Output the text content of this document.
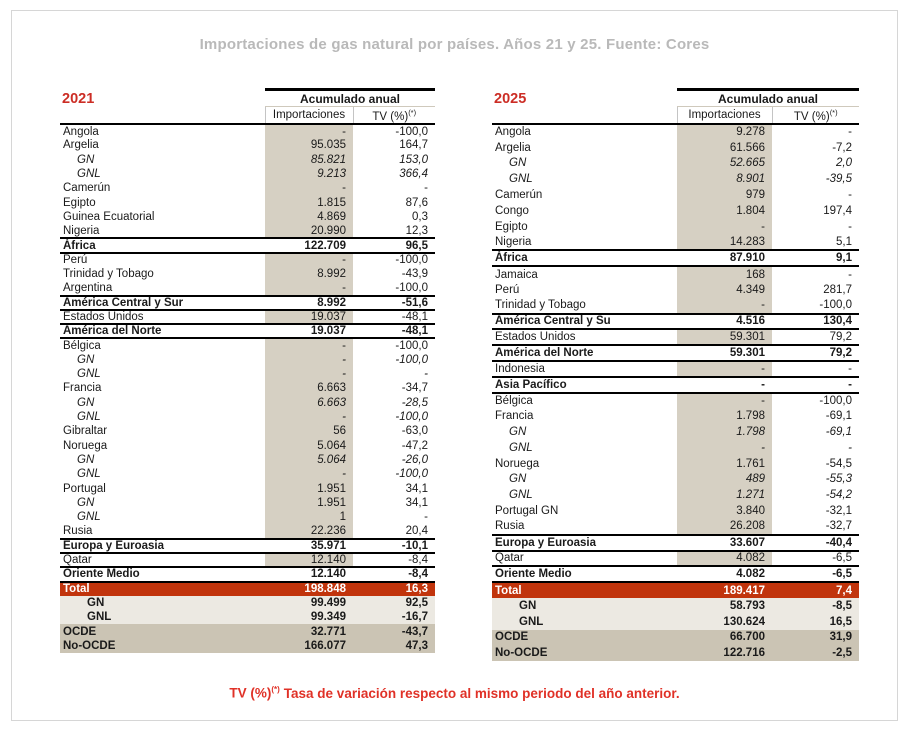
Importaciones de gas natural por países. Años 21 y 25. Fuente: Cores
2021	Acumulado anual	
	Importaciones	TV (%)(*)
Angola	-	-100,0
Argelia	95.035	164,7
GN	85.821	153,0
GNL	9.213	366,4
Camerún	-	-
Egipto	1.815	87,6
Guinea Ecuatorial	4.869	0,3
Nigeria	20.990	12,3
África	122.709	96,5
Perú	-	-100,0
Trinidad y Tobago	8.992	-43,9
Argentina	-	-100,0
América Central y Sur	8.992	-51,6
Estados Unidos	19.037	-48,1
América del Norte	19.037	-48,1
Bélgica	-	-100,0
GN	-	-100,0
GNL	-	-
Francia	6.663	-34,7
GN	6.663	-28,5
GNL	-	-100,0
Gibraltar	56	-63,0
Noruega	5.064	-47,2
GN	5.064	-26,0
GNL	-	-100,0
Portugal	1.951	34,1
GN	1.951	34,1
GNL	1	-
Rusia	22.236	20,4
Europa y Euroasia	35.971	-10,1
Qatar	12.140	-8,4
Oriente Medio	12.140	-8,4
Total	198.848	16,3
GN	99.499	92,5
GNL	99.349	-16,7
OCDE	32.771	-43,7
No-OCDE	166.077	47,3
2025	Acumulado anual	
	Importaciones	TV (%)(*)
Angola	9.278	-
Argelia	61.566	-7,2
GN	52.665	2,0
GNL	8.901	-39,5
Camerún	979	-
Congo	1.804	197,4
Egipto	-	-
Nigeria	14.283	5,1
África	87.910	9,1
Jamaica	168	-
Perú	4.349	281,7
Trinidad y Tobago	-	-100,0
América Central y Su	4.516	130,4
Estados Unidos	59.301	79,2
América del Norte	59.301	79,2
Indonesia	-	-
Asia Pacífico	-	-
Bélgica	-	-100,0
Francia	1.798	-69,1
GN	1.798	-69,1
GNL	-	-
Noruega	1.761	-54,5
GN	489	-55,3
GNL	1.271	-54,2
Portugal GN	3.840	-32,1
Rusia	26.208	-32,7
Europa y Euroasia	33.607	-40,4
Qatar	4.082	-6,5
Oriente Medio	4.082	-6,5
Total	189.417	7,4
GN	58.793	-8,5
GNL	130.624	16,5
OCDE	66.700	31,9
No-OCDE	122.716	-2,5
TV (%)(*) Tasa de variación respecto al mismo periodo del año anterior.
